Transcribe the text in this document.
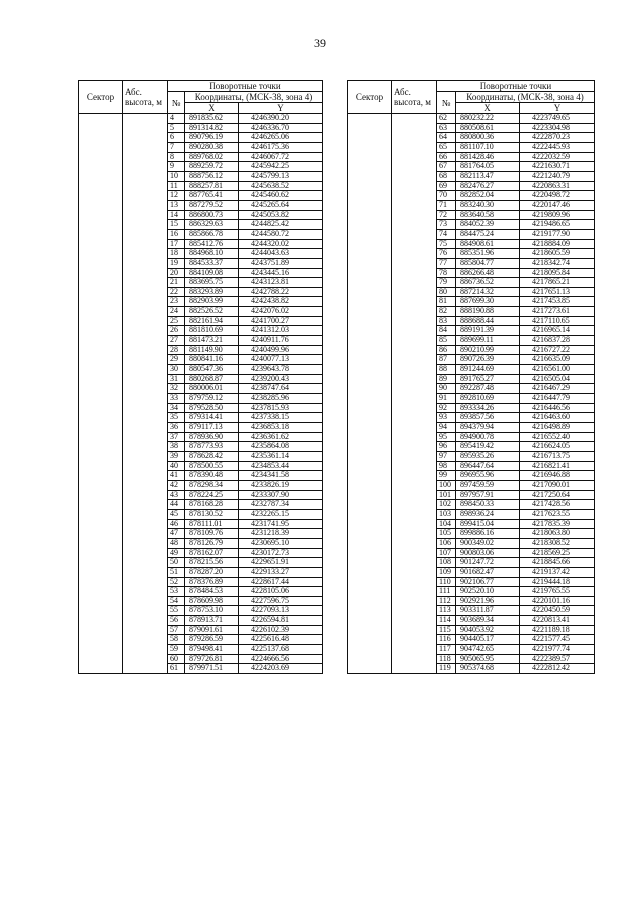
39
Сектор	Абс. высота, м	Поворотные точки		
		№	Координаты, (МСК-38, зона 4)	
			X	Y
		4	891835.62	4246390.20
		5	891314.82	4246336.70
		6	890796.19	4246265.06
		7	890280.38	4246175.36
		8	889768.02	4246067.72
		9	889259.72	4245942.25
		10	888756.12	4245799.13
		11	888257.81	4245638.52
		12	887765.41	4245460.62
		13	887279.52	4245265.64
		14	886800.73	4245053.82
		15	886329.63	4244825.42
		16	885866.78	4244580.72
		17	885412.76	4244320.02
		18	884968.10	4244043.63
		19	884533.37	4243751.89
		20	884109.08	4243445.16
		21	883695.75	4243123.81
		22	883293.89	4242788.22
		23	882903.99	4242438.82
		24	882526.52	4242076.02
		25	882161.94	4241700.27
		26	881810.69	4241312.03
		27	881473.21	4240911.76
		28	881149.90	4240499.96
		29	880841.16	4240077.13
		30	880547.36	4239643.78
		31	880268.87	4239200.43
		32	880006.01	4238747.64
		33	879759.12	4238285.96
		34	879528.50	4237815.93
		35	879314.41	4237338.15
		36	879117.13	4236853.18
		37	878936.90	4236361.62
		38	878773.93	4235864.08
		39	878628.42	4235361.14
		40	878500.55	4234853.44
		41	878390.48	4234341.58
		42	878298.34	4233826.19
		43	878224.25	4233307.90
		44	878168.28	4232787.34
		45	878130.52	4232265.15
		46	878111.01	4231741.95
		47	878109.76	4231218.39
		48	878126.79	4230695.10
		49	878162.07	4230172.73
		50	878215.56	4229651.91
		51	878287.20	4229133.27
		52	878376.89	4228617.44
		53	878484.53	4228105.06
		54	878609.98	4227596.75
		55	878753.10	4227093.13
		56	878913.71	4226594.81
		57	879091.61	4226102.39
		58	879286.59	4225616.48
		59	879498.41	4225137.68
		60	879726.81	4224666.56
		61	879971.51	4224203.69
Сектор	Абс. высота, м	Поворотные точки		
		№	Координаты, (МСК-38, зона 4)	
			X	Y
		62	880232.22	4223749.65
		63	880508.61	4223304.98
		64	880800.36	4222870.23
		65	881107.10	4222445.93
		66	881428.46	4222032.59
		67	881764.05	4221630.71
		68	882113.47	4221240.79
		69	882476.27	4220863.31
		70	882852.04	4220498.72
		71	883240.30	4220147.46
		72	883640.58	4219809.96
		73	884052.39	4219486.65
		74	884475.24	4219177.90
		75	884908.61	4218884.09
		76	885351.96	4218605.59
		77	885804.77	4218342.74
		78	886266.48	4218095.84
		79	886736.52	4217865.21
		80	887214.32	4217651.13
		81	887699.30	4217453.85
		82	888190.88	4217273.61
		83	888688.44	4217110.65
		84	889191.39	4216965.14
		85	889699.11	4216837.28
		86	890210.99	4216727.22
		87	890726.39	4216635.09
		88	891244.69	4216561.00
		89	891765.27	4216505.04
		90	892287.48	4216467.29
		91	892810.69	4216447.79
		92	893334.26	4216446.56
		93	893857.56	4216463.60
		94	894379.94	4216498.89
		95	894900.78	4216552.40
		96	895419.42	4216624.05
		97	895935.26	4216713.75
		98	896447.64	4216821.41
		99	896955.96	4216946.88
		100	897459.59	4217090.01
		101	897957.91	4217250.64
		102	898450.33	4217428.56
		103	898936.24	4217623.55
		104	899415.04	4217835.39
		105	899886.16	4218063.80
		106	900349.02	4218308.52
		107	900803.06	4218569.25
		108	901247.72	4218845.66
		109	901682.47	4219137.42
		110	902106.77	4219444.18
		111	902520.10	4219765.55
		112	902921.96	4220101.16
		113	903311.87	4220450.59
		114	903689.34	4220813.41
		115	904053.92	4221189.18
		116	904405.17	4221577.45
		117	904742.65	4221977.74
		118	905065.95	4222389.57
		119	905374.68	4222812.42
